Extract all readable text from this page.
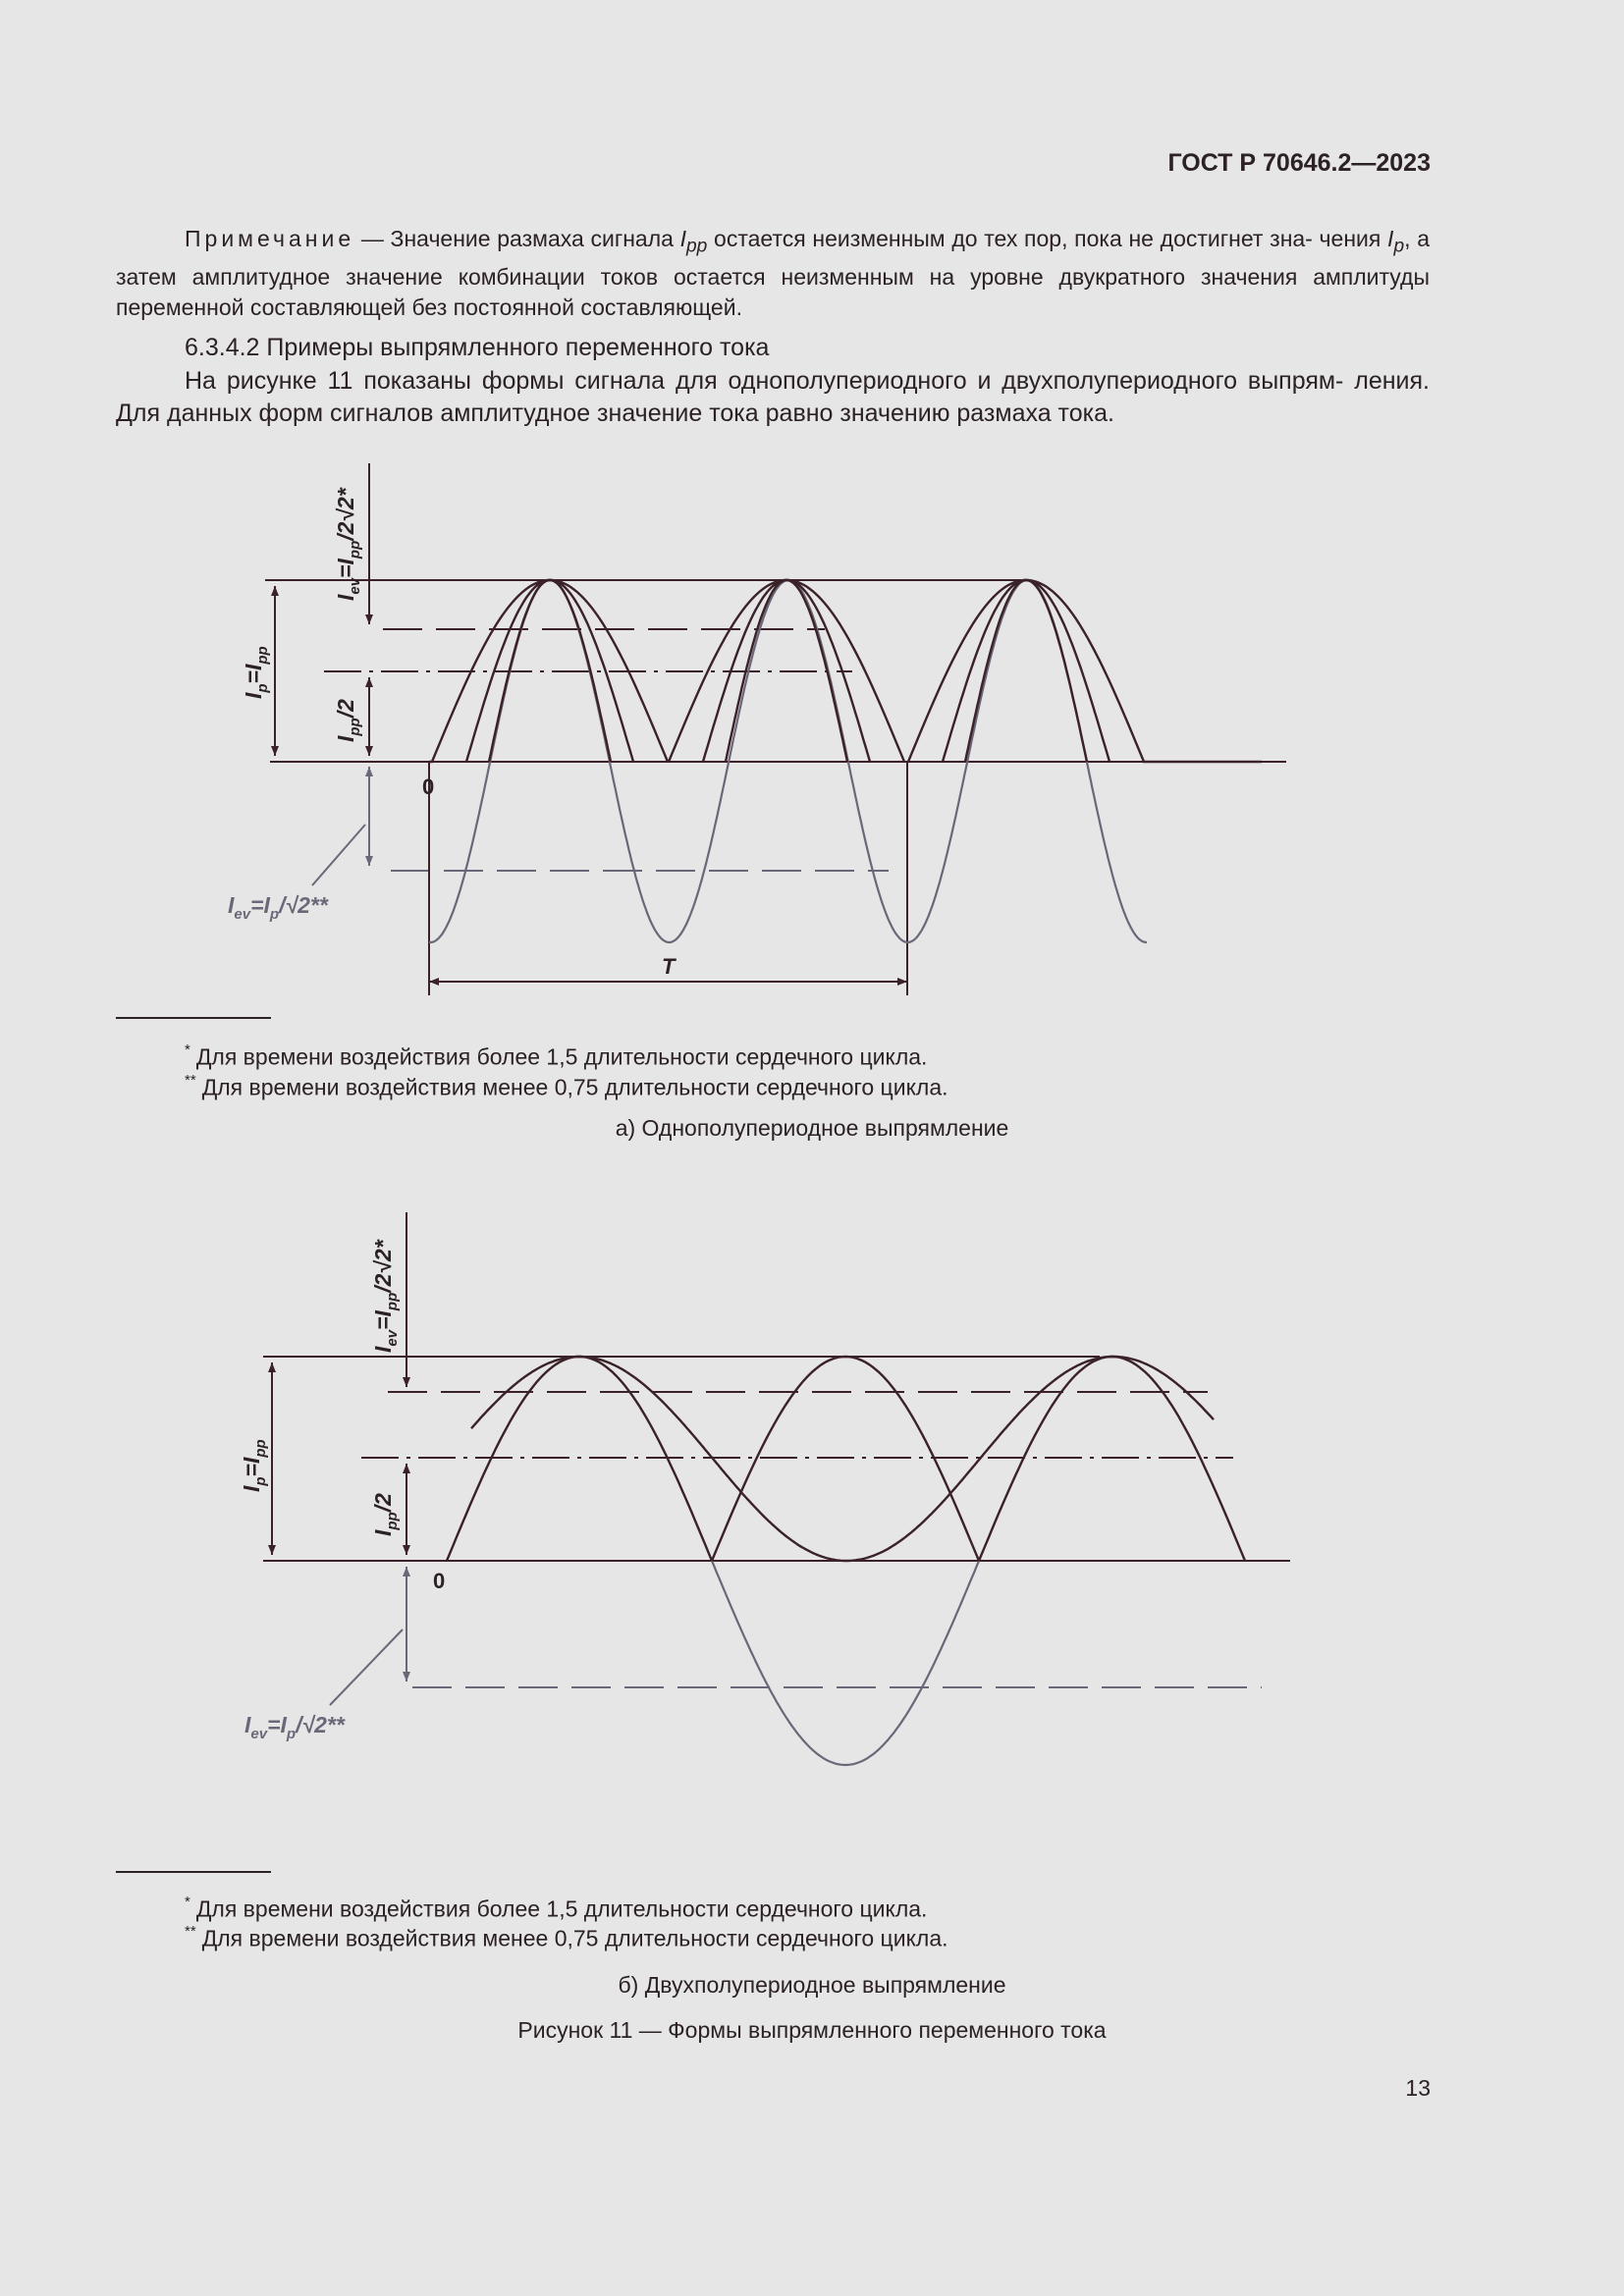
ГОСТ Р 70646.2—2023

Примечание — Значение размаха сигнала $I_{pp}$ остается неизменным до тех пор, пока не достигнет зна- чения $I_p$, а затем амплитудное значение комбинации токов остается неизменным на уровне двукратного значения амплитуды переменной составляющей без постоянной составляющей.

6.3.4.2 Примеры выпрямленного переменного тока

На рисунке 11 показаны формы сигнала для однополупериодного и двухполупериодного выпрям- ления. Для данных форм сигналов амплитудное значение тока равно значению размаха тока.

0
T
$I_p=I_{pp}$
$I_{pp}/2$
$I_{ev}=I_{pp}/2√2*$
$I_{ev}=I_p/√2**$
* Для времени воздействия более 1,5 длительности сердечного цикла.
** Для времени воздействия менее 0,75 длительности сердечного цикла.
а) Однополупериодное выпрямление
0
$I_p=I_{pp}$
$I_{pp}/2$
$I_{ev}=I_{pp}/2√2*$
$I_{ev}=I_p/√2**$
* Для времени воздействия более 1,5 длительности сердечного цикла.
** Для времени воздействия менее 0,75 длительности сердечного цикла.
б) Двухполупериодное выпрямление
Рисунок 11 — Формы выпрямленного переменного тока
13
